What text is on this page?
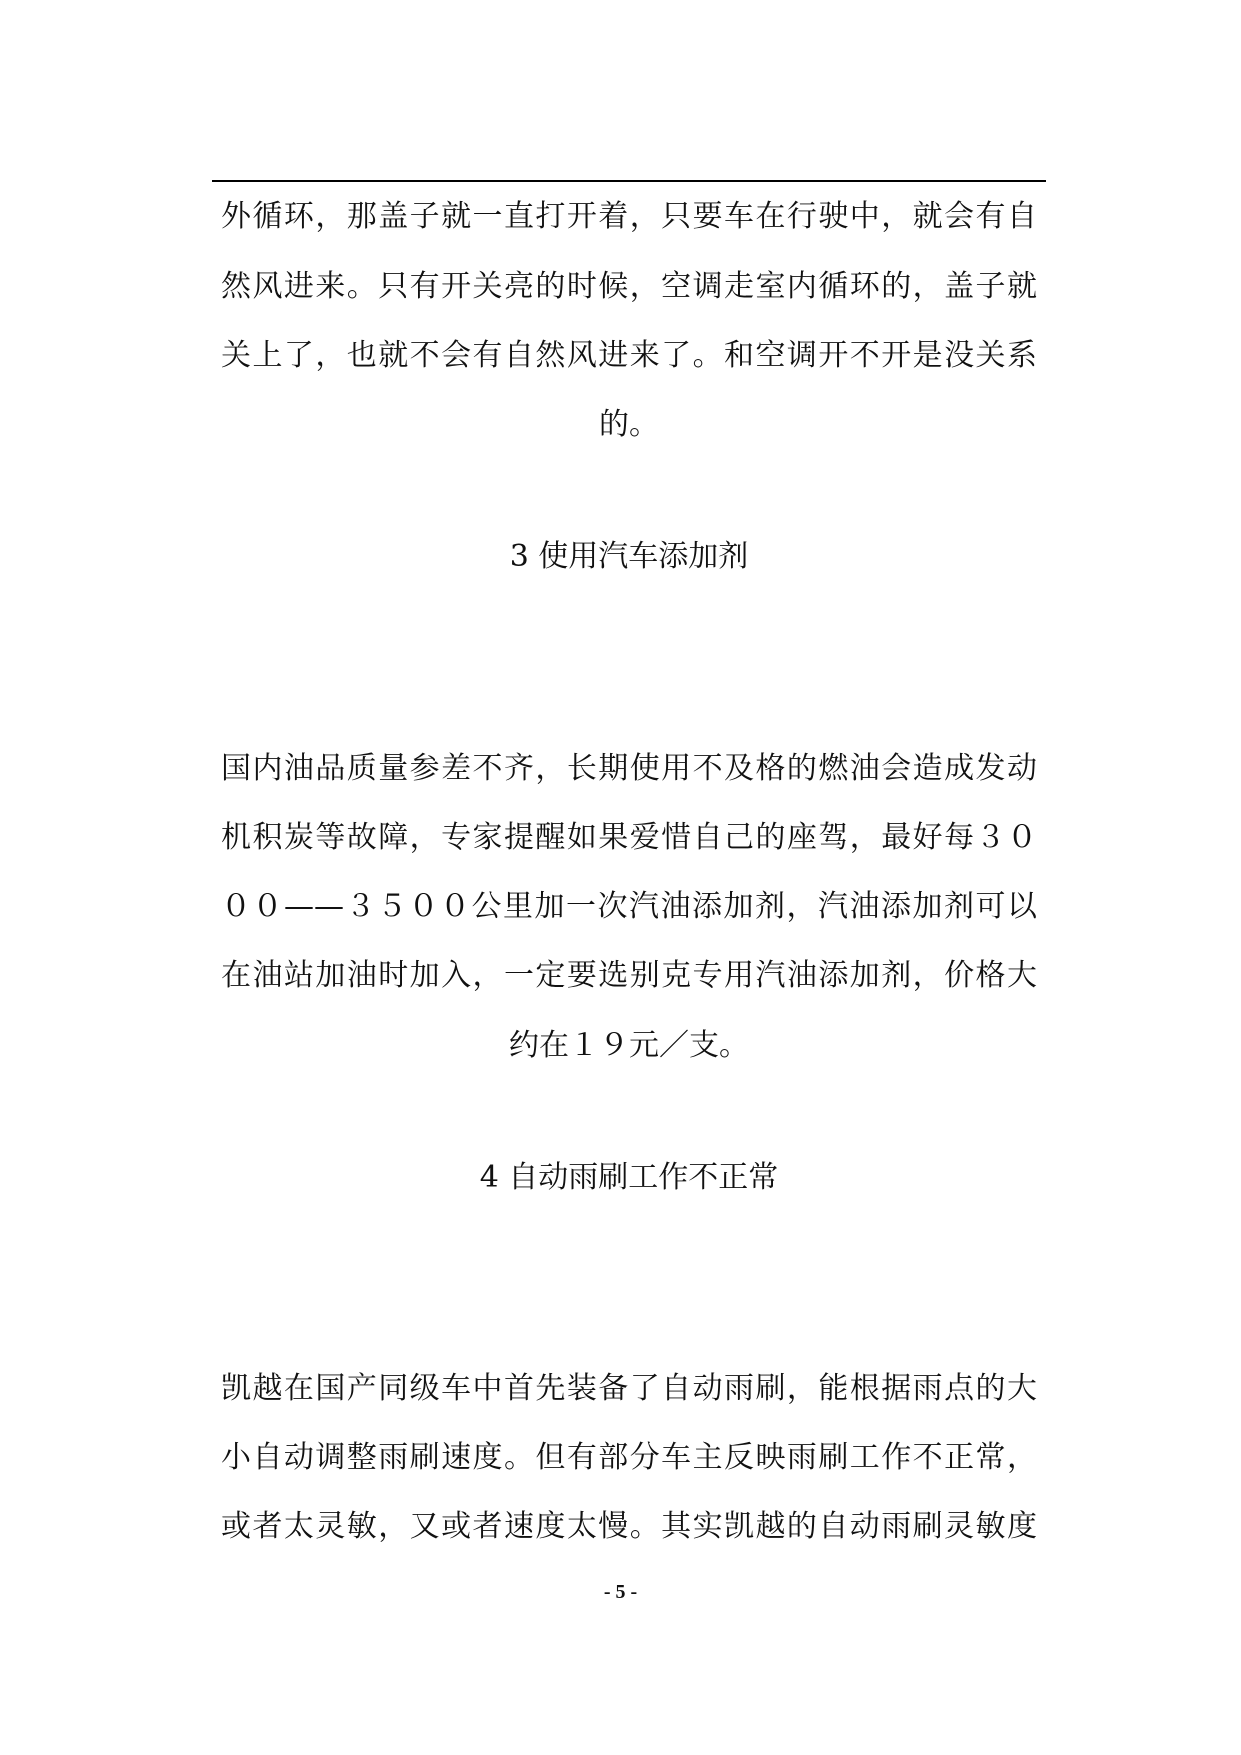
外循环，那盖子就一直打开着，只要车在行驶中，就会有自
然风进来。只有开关亮的时候，空调走室内循环的，盖子就
关上了，也就不会有自然风进来了。和空调开不开是没关系
的。
3 使用汽车添加剂
国内油品质量参差不齐，长期使用不及格的燃油会造成发动
机积炭等故障，专家提醒如果爱惜自己的座驾，最好每３０
００——３５００公里加一次汽油添加剂，汽油添加剂可以
在油站加油时加入，一定要选别克专用汽油添加剂，价格大
约在１９元／支。
4 自动雨刷工作不正常
凯越在国产同级车中首先装备了自动雨刷，能根据雨点的大
小自动调整雨刷速度。但有部分车主反映雨刷工作不正常，
或者太灵敏，又或者速度太慢。其实凯越的自动雨刷灵敏度
- 5 -
